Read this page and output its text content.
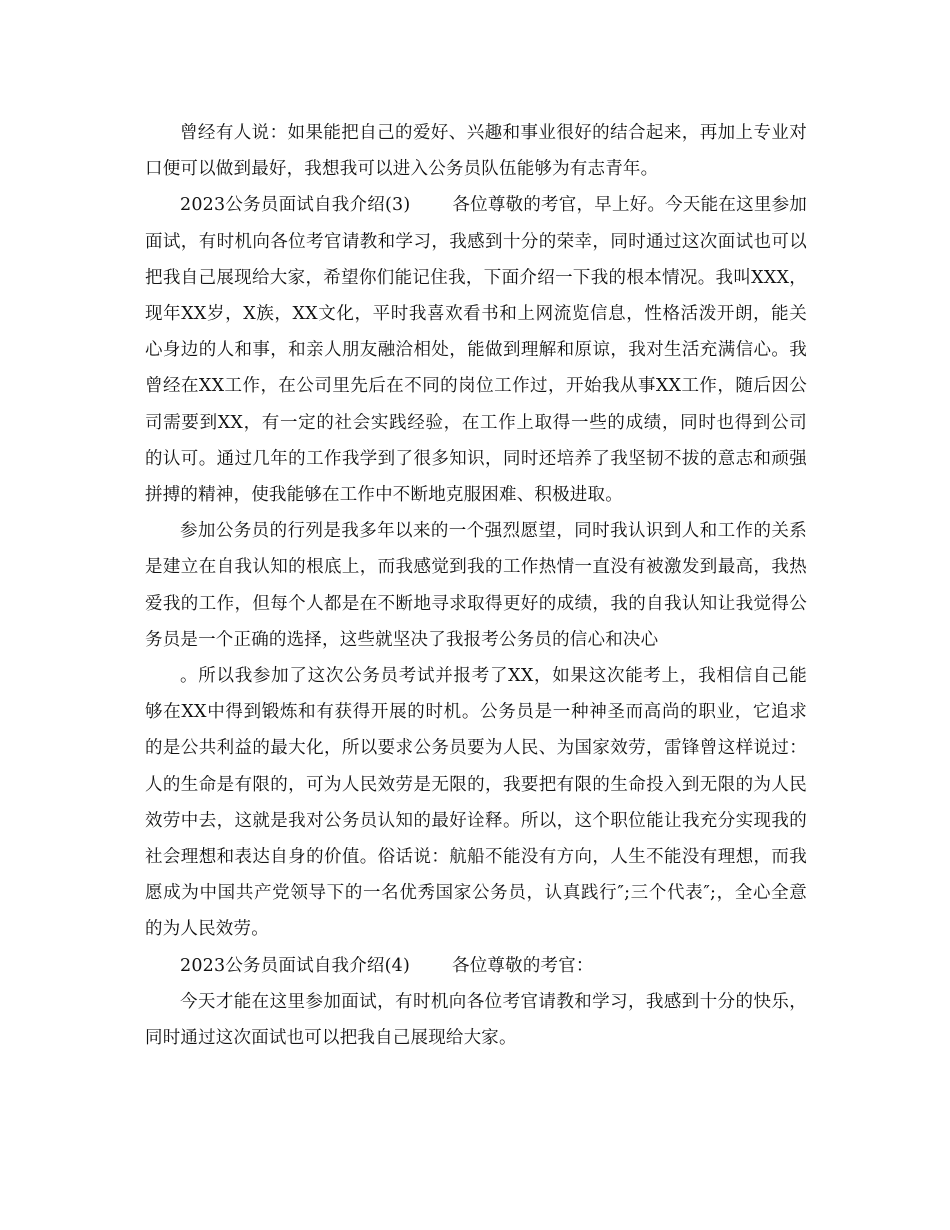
曾经有人说：如果能把自己的爱好、兴趣和事业很好的结合起来，再加上专业对口便可以做到最好，我想我可以进入公务员队伍能够为有志青年。

2023公务员面试自我介绍(3) 各位尊敬的考官，早上好。今天能在这里参加面试，有时机向各位考官请教和学习，我感到十分的荣幸，同时通过这次面试也可以把我自己展现给大家，希望你们能记住我，下面介绍一下我的根本情况。我叫XXX，现年XX岁，X族，XX文化，平时我喜欢看书和上网流览信息，性格活泼开朗，能关心身边的人和事，和亲人朋友融洽相处，能做到理解和原谅，我对生活充满信心。我曾经在XX工作，在公司里先后在不同的岗位工作过，开始我从事XX工作，随后因公司需要到XX，有一定的社会实践经验，在工作上取得一些的成绩，同时也得到公司的认可。通过几年的工作我学到了很多知识，同时还培养了我坚韧不拔的意志和顽强拼搏的精神，使我能够在工作中不断地克服困难、积极进取。

参加公务员的行列是我多年以来的一个强烈愿望，同时我认识到人和工作的关系是建立在自我认知的根底上，而我感觉到我的工作热情一直没有被激发到最高，我热爱我的工作，但每个人都是在不断地寻求取得更好的成绩，我的自我认知让我觉得公务员是一个正确的选择，这些就坚决了我报考公务员的信心和决心

。所以我参加了这次公务员考试并报考了XX，如果这次能考上，我相信自己能够在XX中得到锻炼和有获得开展的时机。公务员是一种神圣而高尚的职业，它追求的是公共利益的最大化，所以要求公务员要为人民、为国家效劳，雷锋曾这样说过：人的生命是有限的，可为人民效劳是无限的，我要把有限的生命投入到无限的为人民效劳中去，这就是我对公务员认知的最好诠释。所以，这个职位能让我充分实现我的社会理想和表达自身的价值。俗话说：航船不能没有方向，人生不能没有理想，而我愿成为中国共产党领导下的一名优秀国家公务员，认真践行″;三个代表″;，全心全意的为人民效劳。

2023公务员面试自我介绍(4) 各位尊敬的考官：

今天才能在这里参加面试，有时机向各位考官请教和学习，我感到十分的快乐，同时通过这次面试也可以把我自己展现给大家。
